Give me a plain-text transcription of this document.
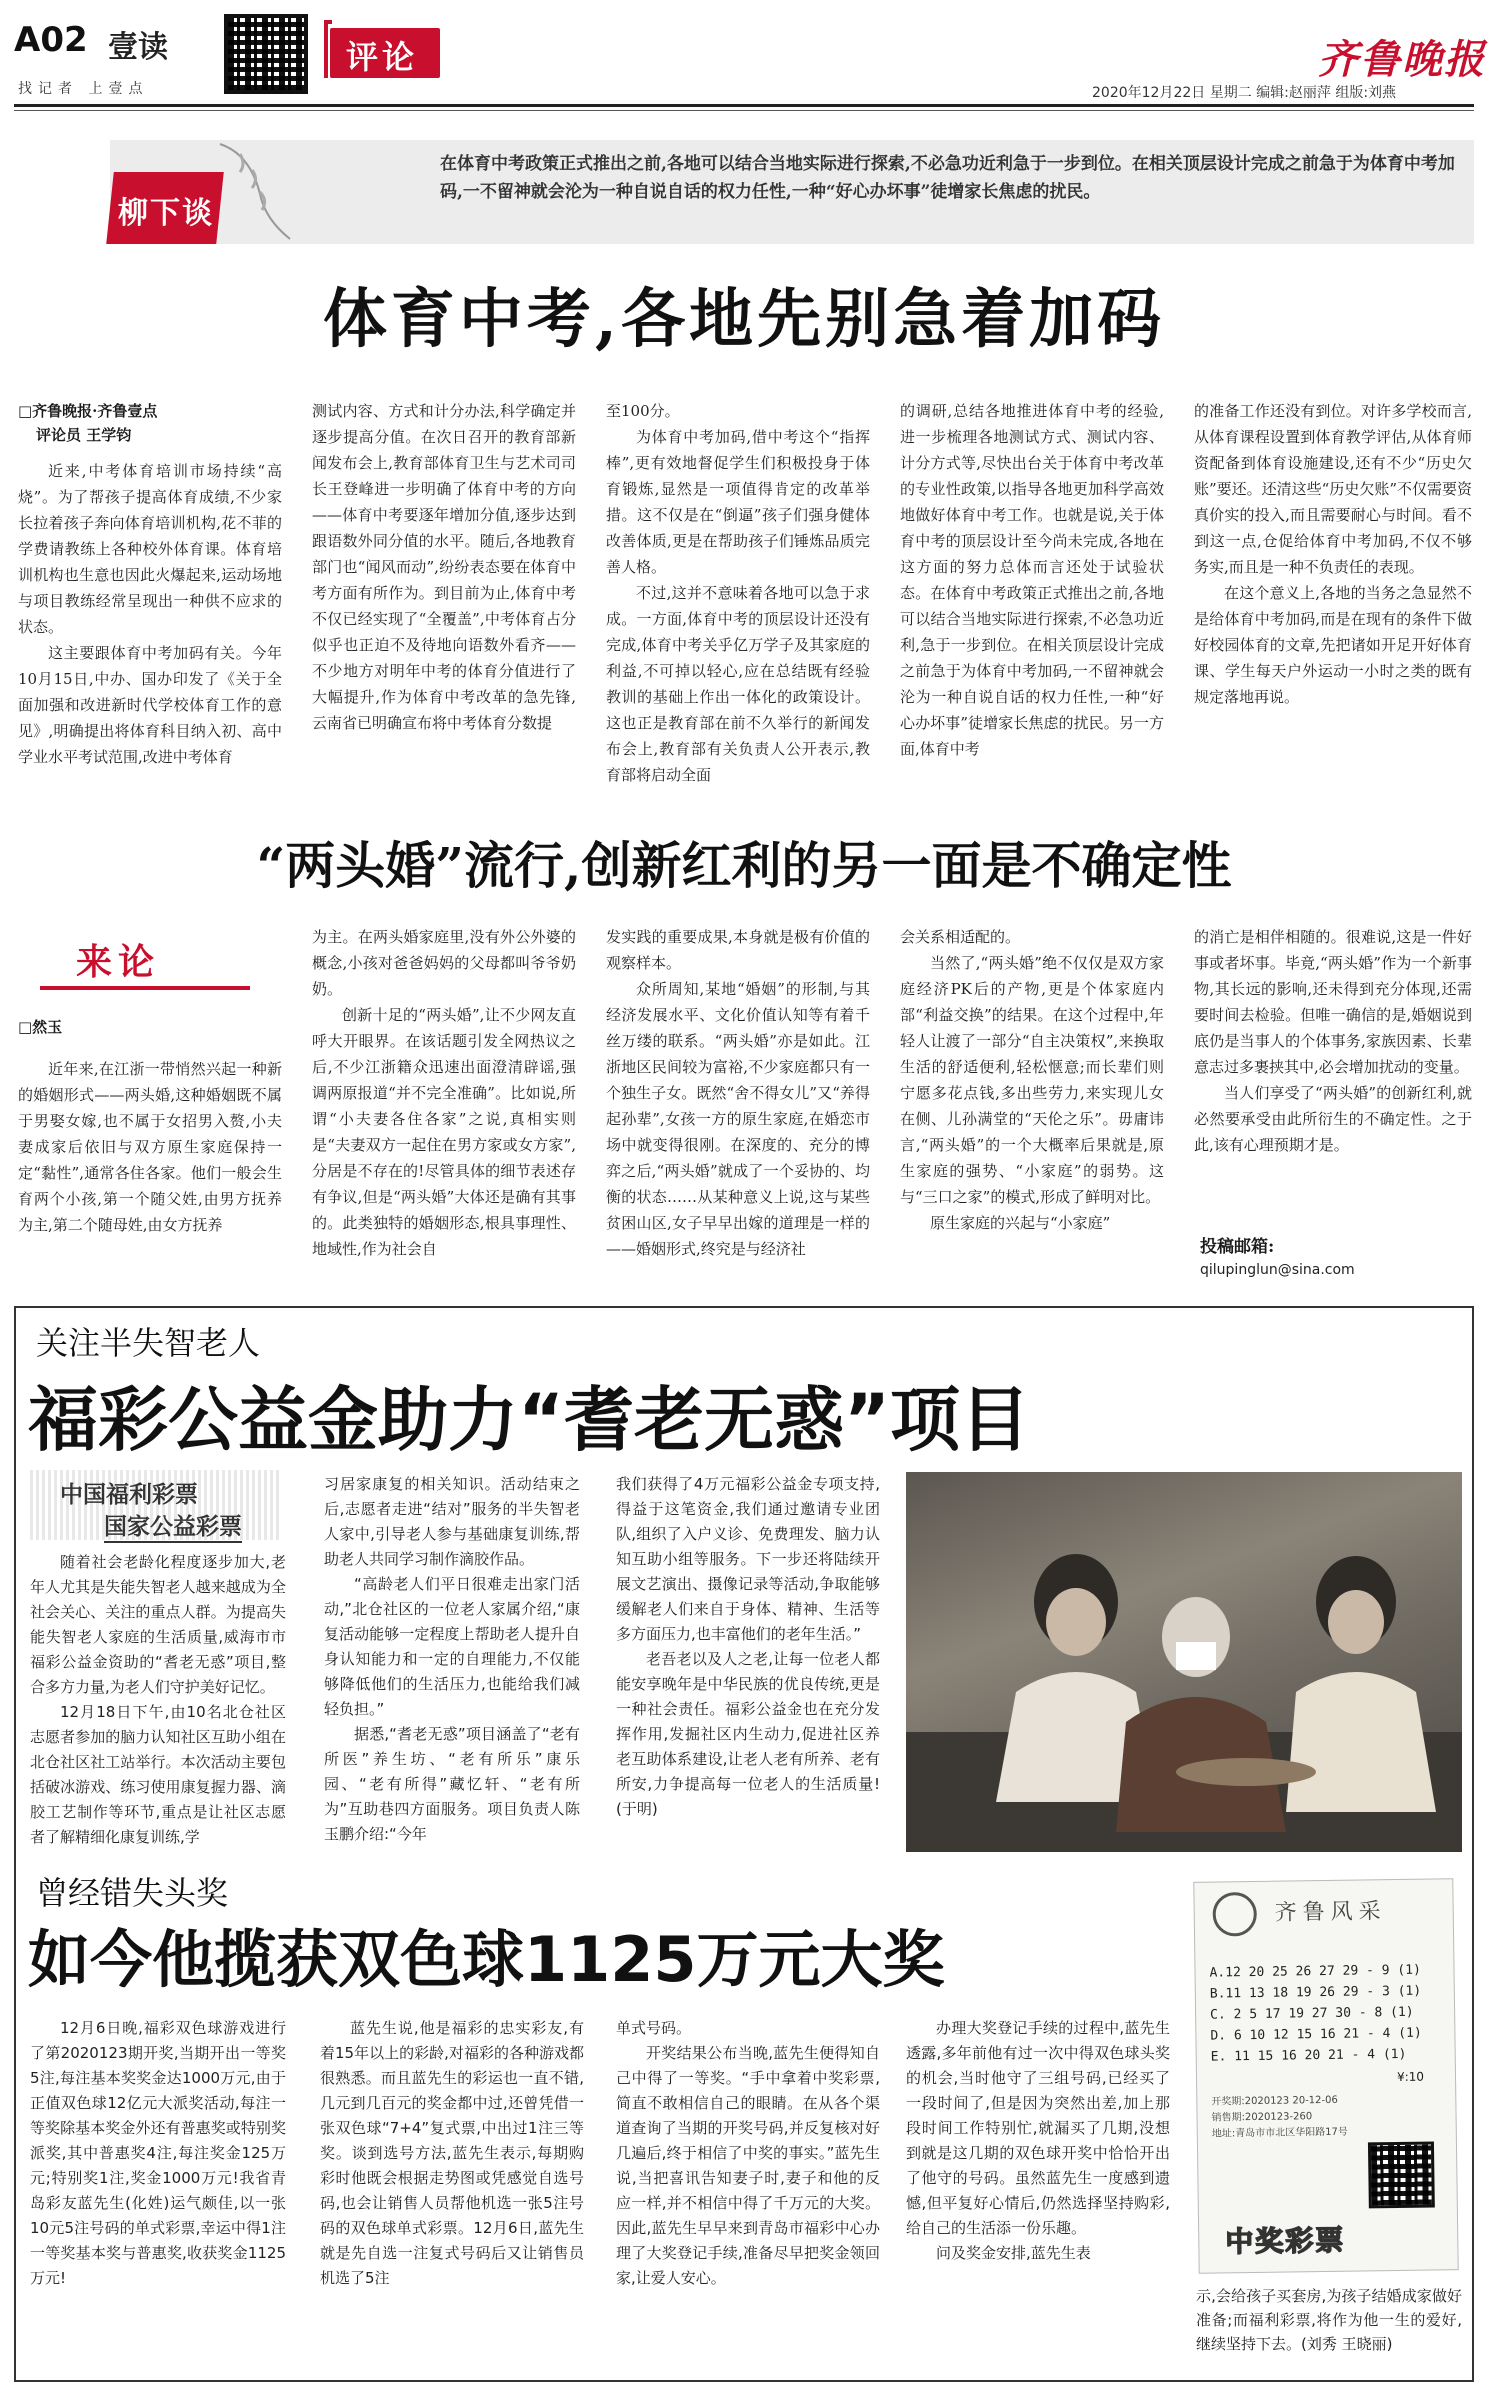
A02 壹读
找记者 上壹点
评论	齐鲁晚报
2020年12月22日 星期二 编辑:赵丽萍 组版:刘燕
柳下谈
在体育中考政策正式推出之前,各地可以结合当地实际进行探索,不必急功近利急于一步到位。在相关顶层设计完成之前急于为体育中考加码,一不留神就会沦为一种自说自话的权力任性,一种“好心办坏事”徒增家长焦虑的扰民。
体育中考,各地先别急着加码
□齐鲁晚报·齐鲁壹点
评论员 王学钧

近来,中考体育培训市场持续“高烧”。为了帮孩子提高体育成绩,不少家长拉着孩子奔向体育培训机构,花不菲的学费请教练上各种校外体育课。体育培训机构也生意也因此火爆起来,运动场地与项目教练经常呈现出一种供不应求的状态。

这主要跟体育中考加码有关。今年10月15日,中办、国办印发了《关于全面加强和改进新时代学校体育工作的意见》,明确提出将体育科目纳入初、高中学业水平考试范围,改进中考体育

测试内容、方式和计分办法,科学确定并逐步提高分值。在次日召开的教育部新闻发布会上,教育部体育卫生与艺术司司长王登峰进一步明确了体育中考的方向——体育中考要逐年增加分值,逐步达到跟语数外同分值的水平。随后,各地教育部门也“闻风而动”,纷纷表态要在体育中考方面有所作为。到目前为止,体育中考不仅已经实现了“全覆盖”,中考体育占分似乎也正迫不及待地向语数外看齐——不少地方对明年中考的体育分值进行了大幅提升,作为体育中考改革的急先锋,云南省已明确宣布将中考体育分数提

至100分。

为体育中考加码,借中考这个“指挥棒”,更有效地督促学生们积极投身于体育锻炼,显然是一项值得肯定的改革举措。这不仅是在“倒逼”孩子们强身健体改善体质,更是在帮助孩子们锤炼品质完善人格。

不过,这并不意味着各地可以急于求成。一方面,体育中考的顶层设计还没有完成,体育中考关乎亿万学子及其家庭的利益,不可掉以轻心,应在总结既有经验教训的基础上作出一体化的政策设计。这也正是教育部在前不久举行的新闻发布会上,教育部有关负责人公开表示,教育部将启动全面

的调研,总结各地推进体育中考的经验,进一步梳理各地测试方式、测试内容、计分方式等,尽快出台关于体育中考改革的专业性政策,以指导各地更加科学高效地做好体育中考工作。也就是说,关于体育中考的顶层设计至今尚未完成,各地在这方面的努力总体而言还处于试验状态。在体育中考政策正式推出之前,各地可以结合当地实际进行探索,不必急功近利,急于一步到位。在相关顶层设计完成之前急于为体育中考加码,一不留神就会沦为一种自说自话的权力任性,一种“好心办坏事”徒增家长焦虑的扰民。另一方面,体育中考

的准备工作还没有到位。对许多学校而言,从体育课程设置到体育教学评估,从体育师资配备到体育设施建设,还有不少“历史欠账”要还。还清这些“历史欠账”不仅需要资真价实的投入,而且需要耐心与时间。看不到这一点,仓促给体育中考加码,不仅不够务实,而且是一种不负责任的表现。

在这个意义上,各地的当务之急显然不是给体育中考加码,而是在现有的条件下做好校园体育的文章,先把诸如开足开好体育课、学生每天户外运动一小时之类的既有规定落地再说。

“两头婚”流行,创新红利的另一面是不确定性
来论
□然玉

近年来,在江浙一带悄然兴起一种新的婚姻形式——两头婚,这种婚姻既不属于男娶女嫁,也不属于女招男入赘,小夫妻成家后依旧与双方原生家庭保持一定“黏性”,通常各住各家。他们一般会生育两个小孩,第一个随父姓,由男方抚养为主,第二个随母姓,由女方抚养

为主。在两头婚家庭里,没有外公外婆的概念,小孩对爸爸妈妈的父母都叫爷爷奶奶。

创新十足的“两头婚”,让不少网友直呼大开眼界。在该话题引发全网热议之后,不少江浙籍众迅速出面澄清辟谣,强调两原报道“并不完全准确”。比如说,所谓“小夫妻各住各家”之说,真相实则是“夫妻双方一起住在男方家或女方家”,分居是不存在的!尽管具体的细节表述存有争议,但是“两头婚”大体还是确有其事的。此类独特的婚姻形态,根具事理性、地域性,作为社会自

发实践的重要成果,本身就是极有价值的观察样本。

众所周知,某地“婚姻”的形制,与其经济发展水平、文化价值认知等有着千丝万缕的联系。“两头婚”亦是如此。江浙地区民间较为富裕,不少家庭都只有一个独生子女。既然“舍不得女儿”又“养得起孙辈”,女孩一方的原生家庭,在婚恋市场中就变得很刚。在深度的、充分的博弈之后,“两头婚”就成了一个妥协的、均衡的状态……从某种意义上说,这与某些贫困山区,女子早早出嫁的道理是一样的——婚姻形式,终究是与经济社

会关系相适配的。

当然了,“两头婚”绝不仅仅是双方家庭经济PK后的产物,更是个体家庭内部“利益交换”的结果。在这个过程中,年轻人让渡了一部分“自主决策权”,来换取生活的舒适便利,轻松惬意;而长辈们则宁愿多花点钱,多出些劳力,来实现儿女在侧、儿孙满堂的“天伦之乐”。毋庸讳言,“两头婚”的一个大概率后果就是,原生家庭的强势、“小家庭”的弱势。这与“三口之家”的模式,形成了鲜明对比。

原生家庭的兴起与“小家庭”

的消亡是相伴相随的。很难说,这是一件好事或者坏事。毕竟,“两头婚”作为一个新事物,其长远的影响,还未得到充分体现,还需要时间去检验。但唯一确信的是,婚姻说到底仍是当事人的个体事务,家族因素、长辈意志过多裹挟其中,必会增加扰动的变量。

当人们享受了“两头婚”的创新红利,就必然要承受由此所衍生的不确定性。之于此,该有心理预期才是。

投稿邮箱:
qilupinglun@sina.com
关注半失智老人
福彩公益金助力“耆老无惑”项目
中国福利彩票
国家公益彩票

随着社会老龄化程度逐步加大,老年人尤其是失能失智老人越来越成为全社会关心、关注的重点人群。为提高失能失智老人家庭的生活质量,威海市市福彩公益金资助的“耆老无惑”项目,整合多方力量,为老人们守护美好记忆。

12月18日下午,由10名北仓社区志愿者参加的脑力认知社区互助小组在北仓社区社工站举行。本次活动主要包括破冰游戏、练习使用康复握力器、滴胶工艺制作等环节,重点是让社区志愿者了解精细化康复训练,学

习居家康复的相关知识。活动结束之后,志愿者走进“结对”服务的半失智老人家中,引导老人参与基础康复训练,帮助老人共同学习制作滴胶作品。

“高龄老人们平日很难走出家门活动,”北仓社区的一位老人家属介绍,“康复活动能够一定程度上帮助老人提升自身认知能力和一定的自理能力,不仅能够降低他们的生活压力,也能给我们减轻负担。”

据悉,“耆老无惑”项目涵盖了“老有所医”养生坊、“老有所乐”康乐园、“老有所得”藏忆轩、“老有所为”互助巷四方面服务。项目负责人陈玉鹏介绍:“今年

我们获得了4万元福彩公益金专项支持,得益于这笔资金,我们通过邀请专业团队,组织了入户义诊、免费理发、脑力认知互助小组等服务。下一步还将陆续开展文艺演出、摄像记录等活动,争取能够缓解老人们来自于身体、精神、生活等多方面压力,也丰富他们的老年生活。”

老吾老以及人之老,让每一位老人都能安享晚年是中华民族的优良传统,更是一种社会责任。福彩公益金也在充分发挥作用,发掘社区内生动力,促进社区养老互助体系建设,让老人老有所养、老有所安,力争提高每一位老人的生活质量!(于明)

曾经错失头奖
如今他揽获双色球1125万元大奖

12月6日晚,福彩双色球游戏进行了第2020123期开奖,当期开出一等奖5注,每注基本奖奖金达1000万元,由于正值双色球12亿元大派奖活动,每注一等奖除基本奖金外还有普惠奖或特别奖派奖,其中普惠奖4注,每注奖金125万元;特别奖1注,奖金1000万元!我省青岛彩友蓝先生(化姓)运气颇佳,以一张10元5注号码的单式彩票,幸运中得1注一等奖基本奖与普惠奖,收获奖金1125万元!

蓝先生说,他是福彩的忠实彩友,有着15年以上的彩龄,对福彩的各种游戏都很熟悉。而且蓝先生的彩运也一直不错,几元到几百元的奖金都中过,还曾凭借一张双色球“7+4”复式票,中出过1注三等奖。谈到选号方法,蓝先生表示,每期购彩时他既会根据走势图或凭感觉自选号码,也会让销售人员帮他机选一张5注号码的双色球单式彩票。12月6日,蓝先生就是先自选一注复式号码后又让销售员机选了5注

单式号码。

开奖结果公布当晚,蓝先生便得知自己中得了一等奖。“手中拿着中奖彩票,简直不敢相信自己的眼睛。在从各个渠道查询了当期的开奖号码,并反复核对好几遍后,终于相信了中奖的事实。”蓝先生说,当把喜讯告知妻子时,妻子和他的反应一样,并不相信中得了千万元的大奖。因此,蓝先生早早来到青岛市福彩中心办理了大奖登记手续,准备尽早把奖金领回家,让爱人安心。

办理大奖登记手续的过程中,蓝先生透露,多年前他有过一次中得双色球头奖的机会,当时他守了三组号码,已经买了一段时间了,但是因为突然出差,加上那段时间工作特别忙,就漏买了几期,没想到就是这几期的双色球开奖中恰恰开出了他守的号码。虽然蓝先生一度感到遗憾,但平复好心情后,仍然选择坚持购彩,给自己的生活添一份乐趣。

问及奖金安排,蓝先生表

示,会给孩子买套房,为孩子结婚成家做好准备;而福利彩票,将作为他一生的爱好,继续坚持下去。(刘秀 王晓丽)

齐鲁风采
A.12 20 25 26 27 29 - 9 (1)
B.11 13 18 19 26 29 - 3 (1)
C. 2 5 17 19 27 30 - 8 (1)
D. 6 10 12 15 16 21 - 4 (1)
E. 11 15 16 20 21 - 4 (1)
¥:10
开奖期:2020123 20-12-06
销售期:2020123-260
地址:青岛市市北区华阳路17号
中奖彩票
